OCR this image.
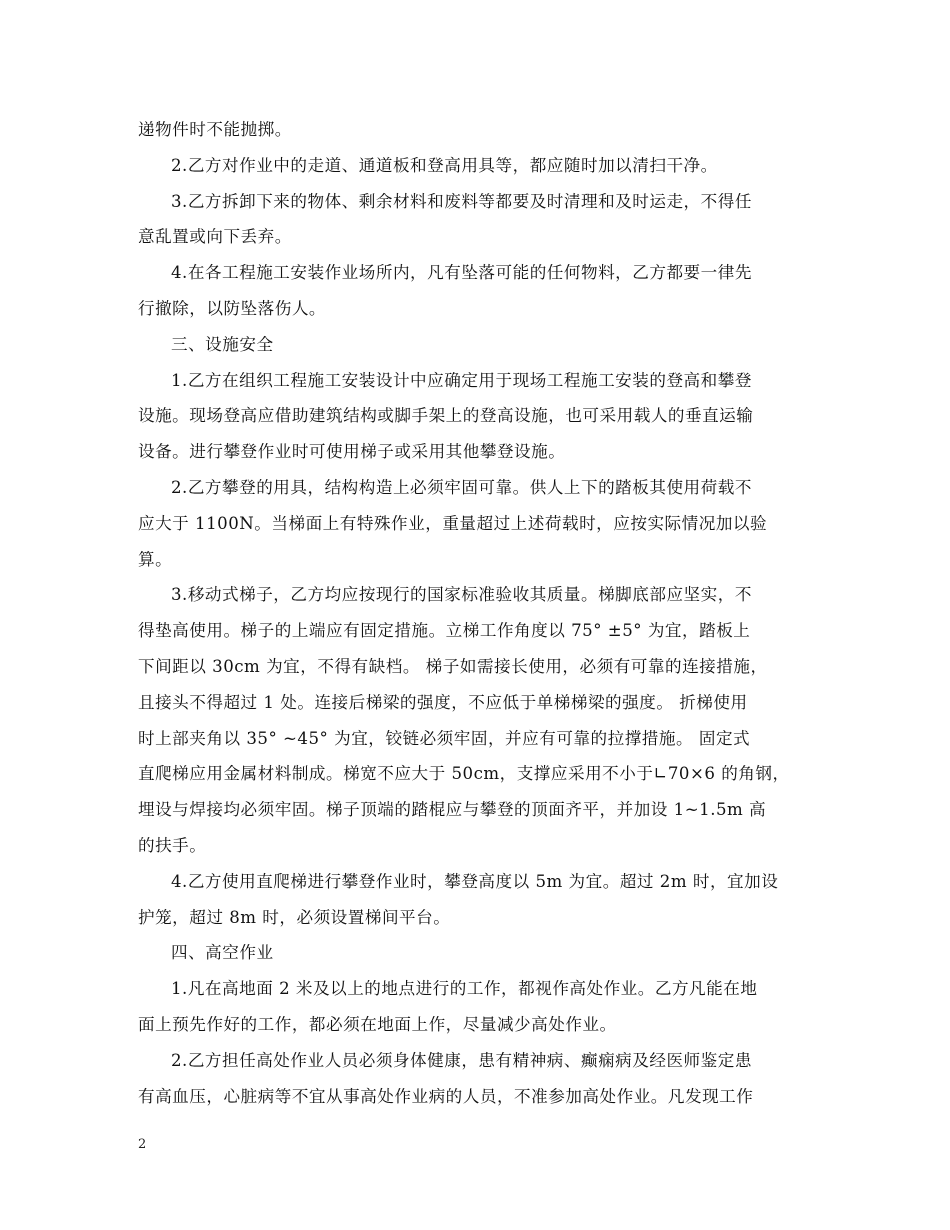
递物件时不能抛掷。
2.乙方对作业中的走道、通道板和登高用具等，都应随时加以清扫干净。
3.乙方拆卸下来的物体、剩余材料和废料等都要及时清理和及时运走，不得任
意乱置或向下丢弃。
4.在各工程施工安装作业场所内，凡有坠落可能的任何物料，乙方都要一律先
行撤除，以防坠落伤人。
三、设施安全
1.乙方在组织工程施工安装设计中应确定用于现场工程施工安装的登高和攀登
设施。现场登高应借助建筑结构或脚手架上的登高设施，也可采用载人的垂直运输
设备。进行攀登作业时可使用梯子或采用其他攀登设施。
2.乙方攀登的用具，结构构造上必须牢固可靠。供人上下的踏板其使用荷载不
应大于 1100N。当梯面上有特殊作业，重量超过上述荷载时，应按实际情况加以验
算。
3.移动式梯子，乙方均应按现行的国家标准验收其质量。梯脚底部应坚实，不
得垫高使用。梯子的上端应有固定措施。立梯工作角度以 75° ±5° 为宜，踏板上
下间距以 30cm 为宜，不得有缺档。 梯子如需接长使用，必须有可靠的连接措施，
且接头不得超过 1 处。连接后梯梁的强度，不应低于单梯梯梁的强度。 折梯使用
时上部夹角以 35° ~45° 为宜，铰链必须牢固，并应有可靠的拉撑措施。 固定式
直爬梯应用金属材料制成。梯宽不应大于 50cm，支撑应采用不小于∟70×6 的角钢，
埋设与焊接均必须牢固。梯子顶端的踏棍应与攀登的顶面齐平，并加设 1~1.5m 高
的扶手。
4.乙方使用直爬梯进行攀登作业时，攀登高度以 5m 为宜。超过 2m 时，宜加设
护笼，超过 8m 时，必须设置梯间平台。
四、高空作业
1.凡在高地面 2 米及以上的地点进行的工作，都视作高处作业。乙方凡能在地
面上预先作好的工作，都必须在地面上作，尽量减少高处作业。
2.乙方担任高处作业人员必须身体健康，患有精神病、癫痫病及经医师鉴定患
有高血压，心脏病等不宜从事高处作业病的人员，不准参加高处作业。凡发现工作
2
